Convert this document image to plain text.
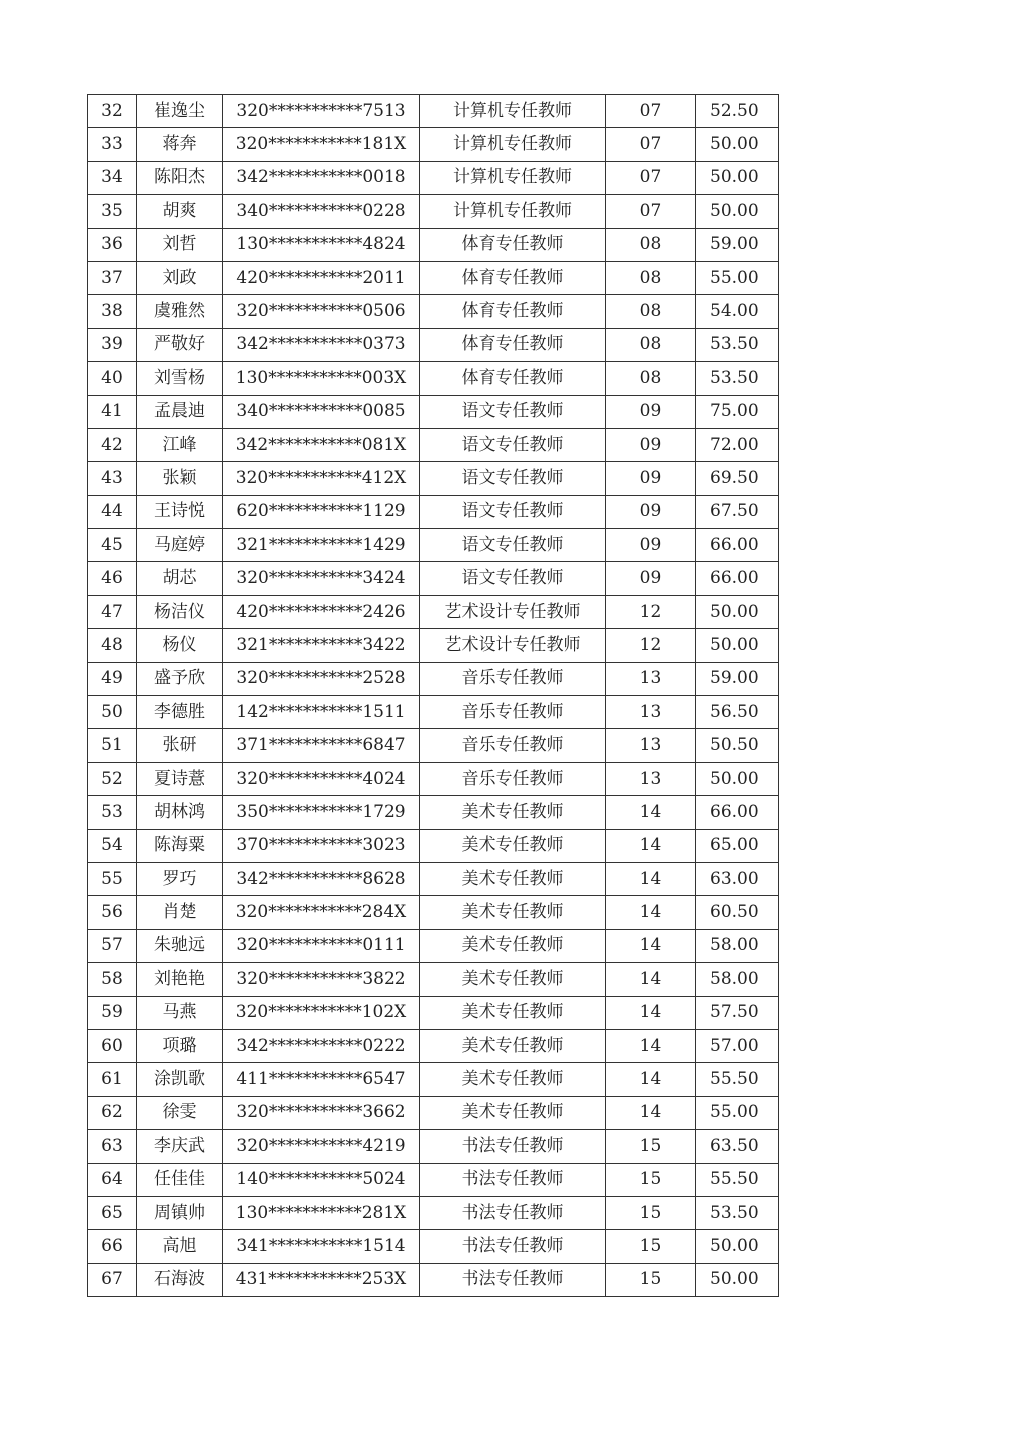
32	崔逸尘	320***********7513	计算机专任教师	07	52.50
33	蒋奔	320***********181X	计算机专任教师	07	50.00
34	陈阳杰	342***********0018	计算机专任教师	07	50.00
35	胡爽	340***********0228	计算机专任教师	07	50.00
36	刘哲	130***********4824	体育专任教师	08	59.00
37	刘政	420***********2011	体育专任教师	08	55.00
38	虞雅然	320***********0506	体育专任教师	08	54.00
39	严敬好	342***********0373	体育专任教师	08	53.50
40	刘雪杨	130***********003X	体育专任教师	08	53.50
41	孟晨迪	340***********0085	语文专任教师	09	75.00
42	江峰	342***********081X	语文专任教师	09	72.00
43	张颖	320***********412X	语文专任教师	09	69.50
44	王诗悦	620***********1129	语文专任教师	09	67.50
45	马庭婷	321***********1429	语文专任教师	09	66.00
46	胡芯	320***********3424	语文专任教师	09	66.00
47	杨洁仪	420***********2426	艺术设计专任教师	12	50.00
48	杨仪	321***********3422	艺术设计专任教师	12	50.00
49	盛予欣	320***********2528	音乐专任教师	13	59.00
50	李德胜	142***********1511	音乐专任教师	13	56.50
51	张研	371***********6847	音乐专任教师	13	50.50
52	夏诗薏	320***********4024	音乐专任教师	13	50.00
53	胡林鸿	350***********1729	美术专任教师	14	66.00
54	陈海粟	370***********3023	美术专任教师	14	65.00
55	罗巧	342***********8628	美术专任教师	14	63.00
56	肖楚	320***********284X	美术专任教师	14	60.50
57	朱驰远	320***********0111	美术专任教师	14	58.00
58	刘艳艳	320***********3822	美术专任教师	14	58.00
59	马燕	320***********102X	美术专任教师	14	57.50
60	项璐	342***********0222	美术专任教师	14	57.00
61	涂凯歌	411***********6547	美术专任教师	14	55.50
62	徐雯	320***********3662	美术专任教师	14	55.00
63	李庆武	320***********4219	书法专任教师	15	63.50
64	任佳佳	140***********5024	书法专任教师	15	55.50
65	周镇帅	130***********281X	书法专任教师	15	53.50
66	高旭	341***********1514	书法专任教师	15	50.00
67	石海波	431***********253X	书法专任教师	15	50.00
